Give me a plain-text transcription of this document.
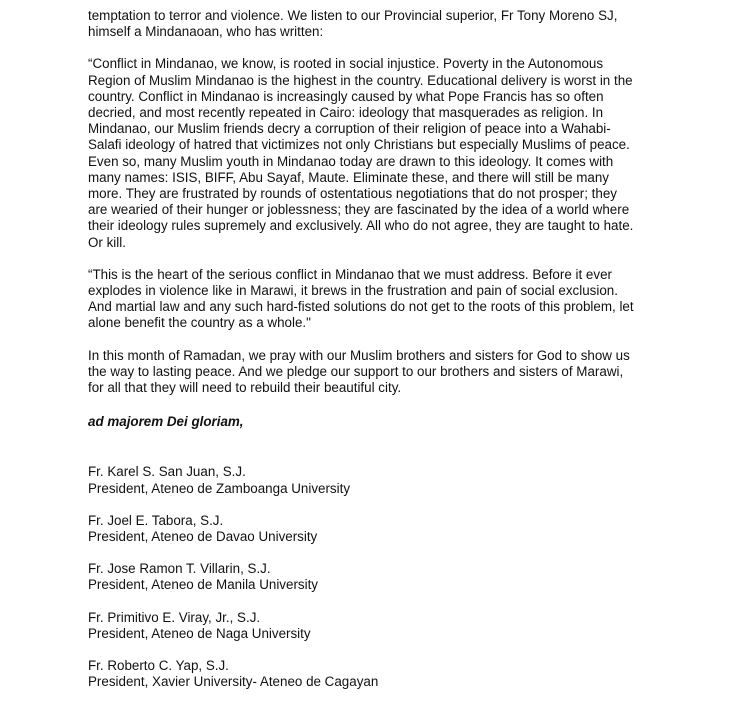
temptation to terror and violence. We listen to our Provincial superior, Fr Tony Moreno SJ,
himself a Mindanaoan, who has written:

“Conflict in Mindanao, we know, is rooted in social injustice. Poverty in the Autonomous
Region of Muslim Mindanao is the highest in the country. Educational delivery is worst in the
country. Conflict in Mindanao is increasingly caused by what Pope Francis has so often
decried, and most recently repeated in Cairo: ideology that masquerades as religion. In
Mindanao, our Muslim friends decry a corruption of their religion of peace into a Wahabi-
Salafi ideology of hatred that victimizes not only Christians but especially Muslims of peace.
Even so, many Muslim youth in Mindanao today are drawn to this ideology. It comes with
many names: ISIS, BIFF, Abu Sayaf, Maute. Eliminate these, and there will still be many
more. They are frustrated by rounds of ostentatious negotiations that do not prosper; they
are wearied of their hunger or joblessness; they are fascinated by the idea of a world where
their ideology rules supremely and exclusively. All who do not agree, they are taught to hate.
Or kill.

“This is the heart of the serious conflict in Mindanao that we must address. Before it ever
explodes in violence like in Marawi, it brews in the frustration and pain of social exclusion.
And martial law and any such hard-fisted solutions do not get to the roots of this problem, let
alone benefit the country as a whole."

In this month of Ramadan, we pray with our Muslim brothers and sisters for God to show us
the way to lasting peace. And we pledge our support to our brothers and sisters of Marawi,
for all that they will need to rebuild their beautiful city.

ad majorem Dei gloriam,

Fr. Karel S. San Juan, S.J.
President, Ateneo de Zamboanga University
Fr. Joel E. Tabora, S.J.
President, Ateneo de Davao University
Fr. Jose Ramon T. Villarin, S.J.
President, Ateneo de Manila University
Fr. Primitivo E. Viray, Jr., S.J.
President, Ateneo de Naga University
Fr. Roberto C. Yap, S.J.
President, Xavier University- Ateneo de Cagayan
